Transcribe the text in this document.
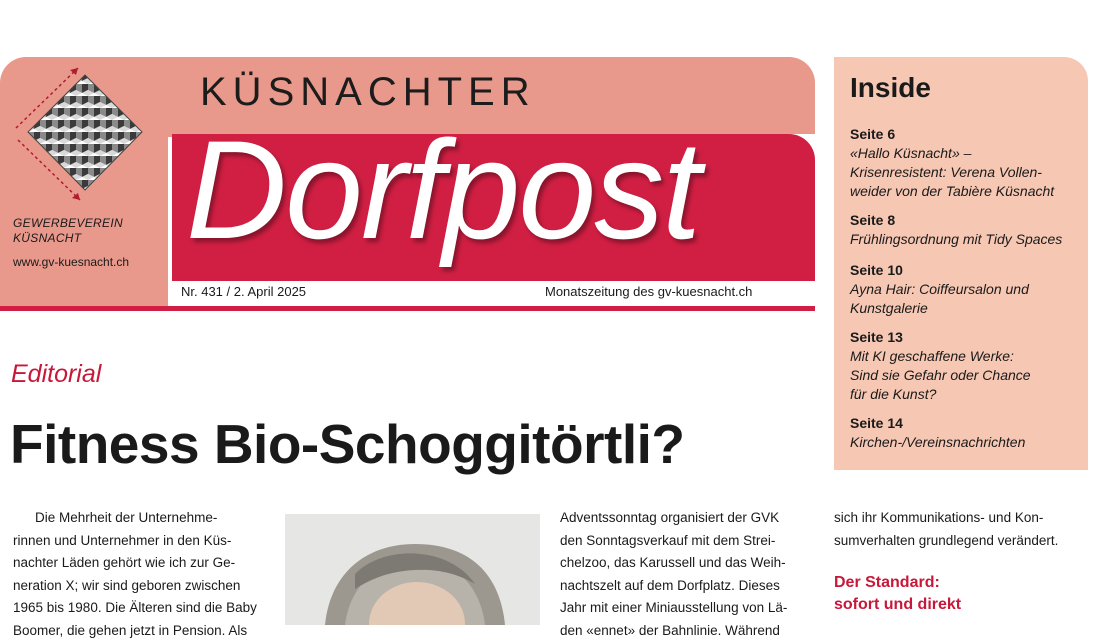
GEWERBEVEREIN
KÜSNACHT
www.gv-kuesnacht.ch
KÜSNACHTER
Dorfpost
Nr. 431 / 2. April 2025	Monatszeitung des gv-kuesnacht.ch
Inside
Seite 6
«Hallo Küsnacht» –
Krisenresistent: Verena Vollen-
weider von der Tabière Küsnacht
Seite 8
Frühlingsordnung mit Tidy Spaces
Seite 10
Ayna Hair: Coiffeursalon und
Kunstgalerie
Seite 13
Mit KI geschaffene Werke:
Sind sie Gefahr oder Chance
für die Kunst?
Seite 14
Kirchen-/Vereinsnachrichten
Editorial
Fitness Bio-Schoggitörtli?
Die Mehrheit der Unternehme-
rinnen und Unternehmer in den Küs-
nachter Läden gehört wie ich zur Ge-
neration X; wir sind geboren zwischen
1965 bis 1980. Die Älteren sind die Baby
Boomer, die gehen jetzt in Pension. Als
Adventssonntag organisiert der GVK
den Sonntagsverkauf mit dem Strei-
chelzoo, das Karussell und das Weih-
nachtszelt auf dem Dorfplatz. Dieses
Jahr mit einer Miniausstellung von Lä-
den «ennet» der Bahnlinie. Während
sich ihr Kommunikations- und Kon-
sumverhalten grundlegend verändert.
Der Standard:
sofort und direkt
